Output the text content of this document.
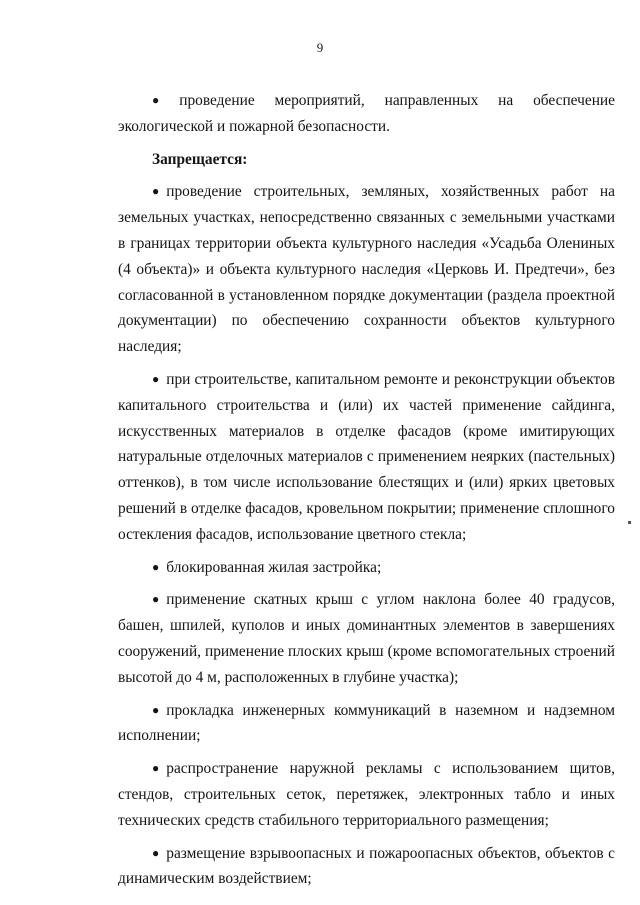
9

● проведение мероприятий, направленных на обеспечение экологической и пожарной безопасности.

Запрещается:

● проведение строительных, земляных, хозяйственных работ на земельных участках, непосредственно связанных с земельными участками в границах территории объекта культурного наследия «Усадьба Олениных (4 объекта)» и объекта культурного наследия «Церковь И. Предтечи», без согласованной в установленном порядке документации (раздела проектной документации) по обеспечению сохранности объектов культурного наследия;

● при строительстве, капитальном ремонте и реконструкции объектов капитального строительства и (или) их частей применение сайдинга, искусственных материалов в отделке фасадов (кроме имитирующих натуральные отделочных материалов с применением неярких (пастельных) оттенков), в том числе использование блестящих и (или) ярких цветовых решений в отделке фасадов, кровельном покрытии; применение сплошного остекления фасадов, использование цветного стекла;

● блокированная жилая застройка;

● применение скатных крыш с углом наклона более 40 градусов, башен, шпилей, куполов и иных доминантных элементов в завершениях сооружений, применение плоских крыш (кроме вспомогательных строений высотой до 4 м, расположенных в глубине участка);

● прокладка инженерных коммуникаций в наземном и надземном исполнении;

● распространение наружной рекламы с использованием щитов, стендов, строительных сеток, перетяжек, электронных табло и иных технических средств стабильного территориального размещения;

● размещение взрывоопасных и пожароопасных объектов, объектов с динамическим воздействием;
